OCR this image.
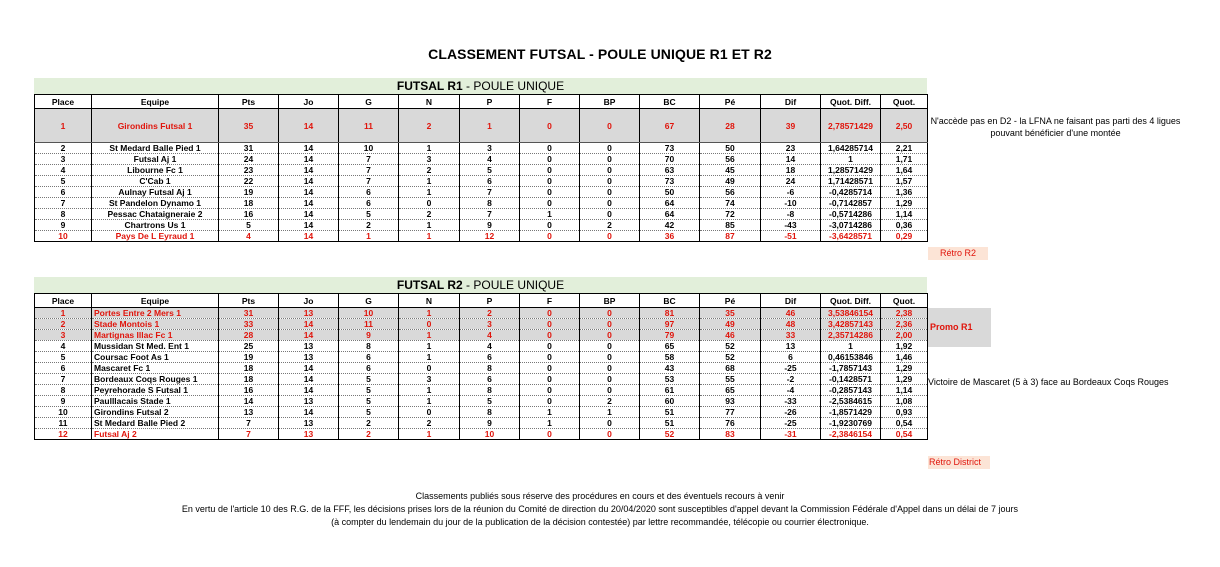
CLASSEMENT FUTSAL - POULE UNIQUE R1 ET R2
FUTSAL R1 - POULE UNIQUE
Place	Equipe	Pts	Jo	G	N	P	F	BP	BC	Pé	Dif	Quot. Diff.	Quot.
1	Girondins Futsal 1	35	14	11	2	1	0	0	67	28	39	2,78571429	2,50
2	St Medard Balle Pied 1	31	14	10	1	3	0	0	73	50	23	1,64285714	2,21
3	Futsal Aj 1	24	14	7	3	4	0	0	70	56	14	1	1,71
4	Libourne Fc 1	23	14	7	2	5	0	0	63	45	18	1,28571429	1,64
5	C'Cab 1	22	14	7	1	6	0	0	73	49	24	1,71428571	1,57
6	Aulnay Futsal Aj 1	19	14	6	1	7	0	0	50	56	-6	-0,4285714	1,36
7	St Pandelon Dynamo 1	18	14	6	0	8	0	0	64	74	-10	-0,7142857	1,29
8	Pessac Chataigneraie 2	16	14	5	2	7	1	0	64	72	-8	-0,5714286	1,14
9	Chartrons Us 1	5	14	2	1	9	0	2	42	85	-43	-3,0714286	0,36
10	Pays De L Eyraud 1	4	14	1	1	12	0	0	36	87	-51	-3,6428571	0,29
N'accède pas en D2 - la LFNA ne faisant pas parti des 4 ligues pouvant bénéficier d'une montée
Rétro R2
FUTSAL R2 - POULE UNIQUE
Place	Equipe	Pts	Jo	G	N	P	F	BP	BC	Pé	Dif	Quot. Diff.	Quot.
1	Portes Entre 2 Mers 1	31	13	10	1	2	0	0	81	35	46	3,53846154	2,38
2	Stade Montois 1	33	14	11	0	3	0	0	97	49	48	3,42857143	2,36
3	Martignas Illac Fc 1	28	14	9	1	4	0	0	79	46	33	2,35714286	2,00
4	Mussidan St Med. Ent 1	25	13	8	1	4	0	0	65	52	13	1	1,92
5	Coursac Foot As 1	19	13	6	1	6	0	0	58	52	6	0,46153846	1,46
6	Mascaret Fc 1	18	14	6	0	8	0	0	43	68	-25	-1,7857143	1,29
7	Bordeaux Coqs Rouges 1	18	14	5	3	6	0	0	53	55	-2	-0,1428571	1,29
8	Peyrehorade S Futsal 1	16	14	5	1	8	0	0	61	65	-4	-0,2857143	1,14
9	Paulllacais Stade 1	14	13	5	1	5	0	2	60	93	-33	-2,5384615	1,08
10	Girondins Futsal 2	13	14	5	0	8	1	1	51	77	-26	-1,8571429	0,93
11	St Medard Balle Pied 2	7	13	2	2	9	1	0	51	76	-25	-1,9230769	0,54
12	Futsal Aj 2	7	13	2	1	10	0	0	52	83	-31	-2,3846154	0,54
Promo R1
Victoire de Mascaret (5 à 3) face au Bordeaux Coqs Rouges
Rétro District
Classements publiés sous réserve des procédures en cours et des éventuels recours à venir
En vertu de l'article 10 des R.G. de la FFF, les décisions prises lors de la réunion du Comité de direction du 20/04/2020 sont susceptibles d'appel devant la Commission Fédérale d'Appel dans un délai de 7 jours
(à compter du lendemain du jour de la publication de la décision contestée) par lettre recommandée, télécopie ou courrier électronique.
